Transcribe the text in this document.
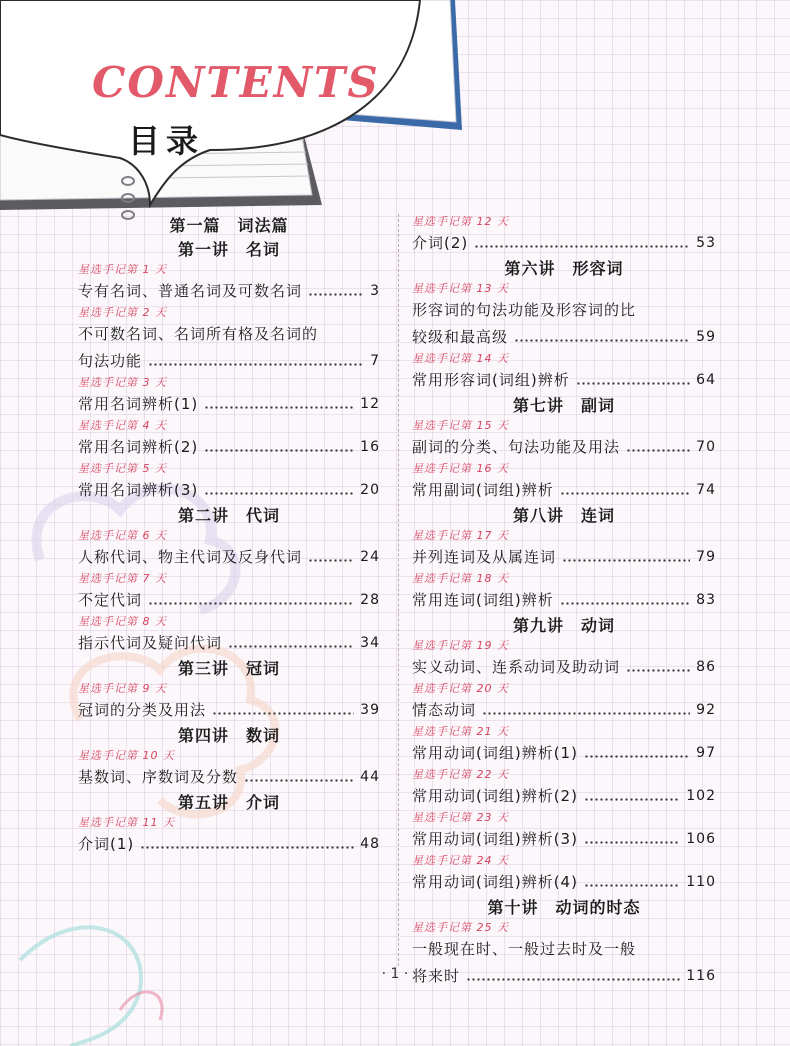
CONTENTS
目录
第一篇　词法篇
第一讲　名词
星选手记第 1 天
专有名词、普通名词及可数名词	3
星选手记第 2 天
不可数名词、名词所有格及名词的
句法功能	7
星选手记第 3 天
常用名词辨析(1)	12
星选手记第 4 天
常用名词辨析(2)	16
星选手记第 5 天
常用名词辨析(3)	20
第二讲　代词
星选手记第 6 天
人称代词、物主代词及反身代词	24
星选手记第 7 天
不定代词	28
星选手记第 8 天
指示代词及疑问代词	34
第三讲　冠词
星选手记第 9 天
冠词的分类及用法	39
第四讲　数词
星选手记第 10 天
基数词、序数词及分数	44
第五讲　介词
星选手记第 11 天
介词(1)	48
星选手记第 12 天
介词(2)	53
第六讲　形容词
星选手记第 13 天
形容词的句法功能及形容词的比
较级和最高级	59
星选手记第 14 天
常用形容词(词组)辨析	64
第七讲　副词
星选手记第 15 天
副词的分类、句法功能及用法	70
星选手记第 16 天
常用副词(词组)辨析	74
第八讲　连词
星选手记第 17 天
并列连词及从属连词	79
星选手记第 18 天
常用连词(词组)辨析	83
第九讲　动词
星选手记第 19 天
实义动词、连系动词及助动词	86
星选手记第 20 天
情态动词	92
星选手记第 21 天
常用动词(词组)辨析(1)	97
星选手记第 22 天
常用动词(词组)辨析(2)	102
星选手记第 23 天
常用动词(词组)辨析(3)	106
星选手记第 24 天
常用动词(词组)辨析(4)	110
第十讲　动词的时态
星选手记第 25 天
一般现在时、一般过去时及一般
将来时	116
· 1 ·
